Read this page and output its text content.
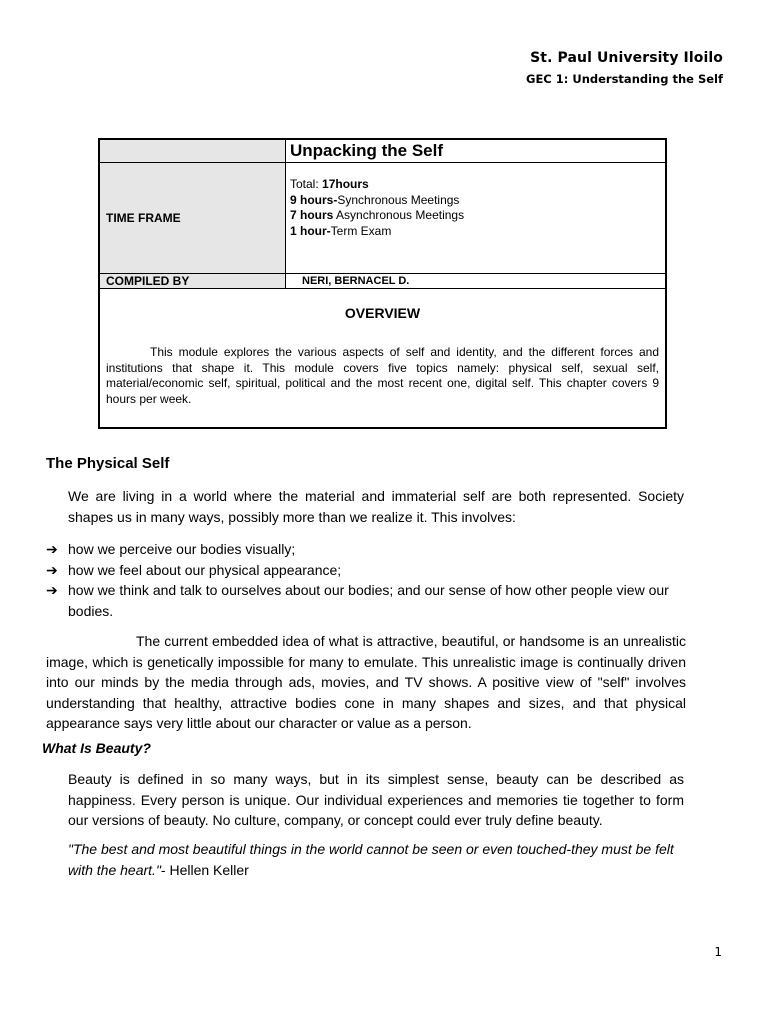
St. Paul University Iloilo
GEC 1: Understanding the Self
	Unpacking the Self
TIME FRAME	Total: 17hours
9 hours-Synchronous Meetings
7 hours Asynchronous Meetings
1 hour-Term Exam

COMPILED BY	NERI, BERNACEL D.

OVERVIEW
This module explores the various aspects of self and identity, and the different forces and institutions that shape it. This module covers five topics namely: physical self, sexual self, material/economic self, spiritual, political and the most recent one, digital self. This chapter covers 9 hours per week.	
The Physical Self

We are living in a world where the material and immaterial self are both represented. Society shapes us in many ways, possibly more than we realize it. This involves:

➔ how we perceive our bodies visually;
➔ how we feel about our physical appearance;
➔ how we think and talk to ourselves about our bodies; and our sense of how other people view our bodies.

The current embedded idea of what is attractive, beautiful, or handsome is an unrealistic image, which is genetically impossible for many to emulate. This unrealistic image is continually driven into our minds by the media through ads, movies, and TV shows. A positive view of "self" involves understanding that healthy, attractive bodies cone in many shapes and sizes, and that physical appearance says very little about our character or value as a person.

What Is Beauty?

Beauty is defined in so many ways, but in its simplest sense, beauty can be described as happiness. Every person is unique. Our individual experiences and memories tie together to form our versions of beauty. No culture, company, or concept could ever truly define beauty.

"The best and most beautiful things in the world cannot be seen or even touched-they must be felt with the heart."- Hellen Keller

1
